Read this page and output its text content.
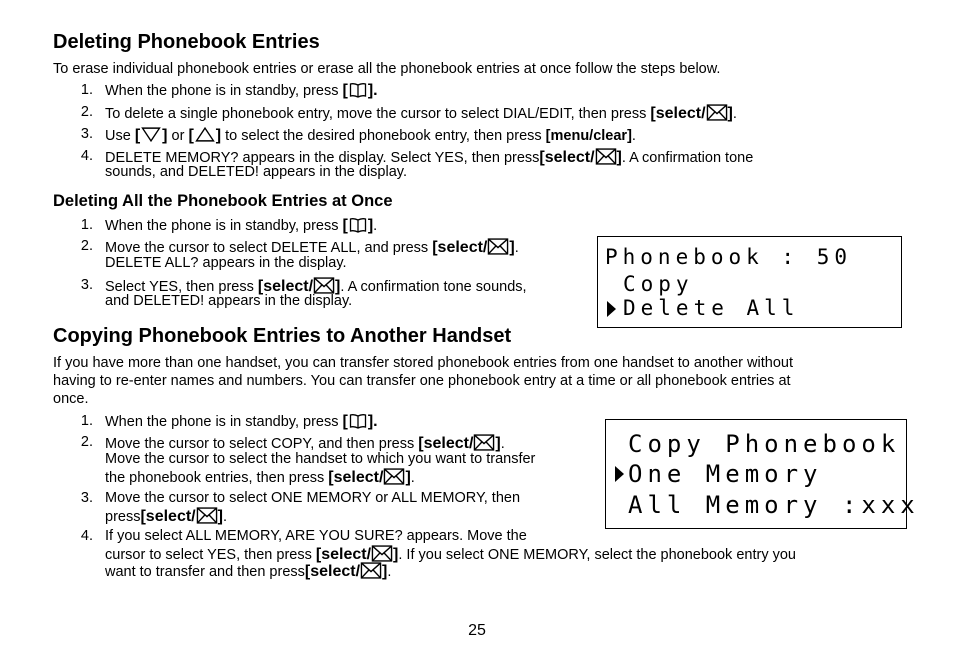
Deleting Phonebook Entries

To erase individual phonebook entries or erase all the phonebook entries at once follow the steps below.

1. When the phone is in standby, press [ ].
2. To delete a single phonebook entry, move the cursor to select DIAL/EDIT, then press [select/ ].
3. Use [ ] or [ ] to select the desired phonebook entry, then press [menu/clear].
4. DELETE MEMORY? appears in the display. Select YES, then press[select/ ]. A confirmation tone
sounds, and DELETED! appears in the display.
Deleting All the Phonebook Entries at Once
1. When the phone is in standby, press [ ].
2. Move the cursor to select DELETE ALL, and press [select/ ].
DELETE ALL? appears in the display.
3. Select YES, then press [select/ ]. A confirmation tone sounds,
and DELETED! appears in the display.
Phonebook : 50
Copy
Delete All
Copying Phonebook Entries to Another Handset

If you have more than one handset, you can transfer stored phonebook entries from one handset to another without

having to re-enter names and numbers. You can transfer one phonebook entry at a time or all phonebook entries at

once.

1. When the phone is in standby, press [ ].
2. Move the cursor to select COPY, and then press [select/ ].
Move the cursor to select the handset to which you want to transfer
the phonebook entries, then press [select/ ].
3. Move the cursor to select ONE MEMORY or ALL MEMORY, then
press[select/ ].
4. If you select ALL MEMORY, ARE YOU SURE? appears. Move the
cursor to select YES, then press [select/ ]. If you select ONE MEMORY, select the phonebook entry you
want to transfer and then press[select/ ].
Copy Phonebook
One Memory
All Memory :xxx
25
